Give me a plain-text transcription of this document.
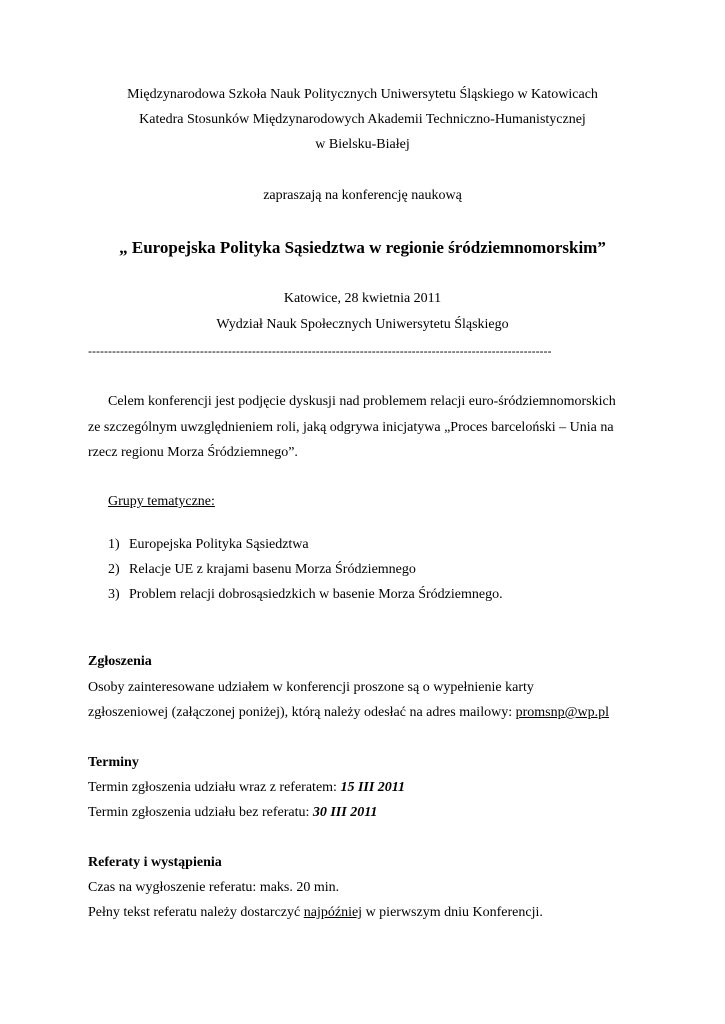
Międzynarodowa Szkoła Nauk Politycznych Uniwersytetu Śląskiego w Katowicach
Katedra Stosunków Międzynarodowych Akademii Techniczno-Humanistycznej
w Bielsku-Białej
zapraszają na konferencję naukową
„ Europejska Polityka Sąsiedztwa w regionie śródziemnomorskim”
Katowice, 28 kwietnia 2011
Wydział Nauk Społecznych Uniwersytetu Śląskiego
--------------------------------------------------------------------------------------------------------------------
Celem konferencji jest podjęcie dyskusji nad problemem relacji euro-śródziemnomorskich
ze szczególnym uwzględnieniem roli, jaką odgrywa inicjatywa „Proces barceloński – Unia na
rzecz regionu Morza Śródziemnego”.
Grupy tematyczne:
1) Europejska Polityka Sąsiedztwa
2) Relacje UE z krajami basenu Morza Śródziemnego
3) Problem relacji dobrosąsiedzkich w basenie Morza Śródziemnego.
Zgłoszenia
Osoby zainteresowane udziałem w konferencji proszone są o wypełnienie karty
zgłoszeniowej (załączonej poniżej), którą należy odesłać na adres mailowy: promsnp@wp.pl
Terminy
Termin zgłoszenia udziału wraz z referatem: 15 III 2011
Termin zgłoszenia udziału bez referatu: 30 III 2011
Referaty i wystąpienia
Czas na wygłoszenie referatu: maks. 20 min.
Pełny tekst referatu należy dostarczyć najpóźniej w pierwszym dniu Konferencji.
